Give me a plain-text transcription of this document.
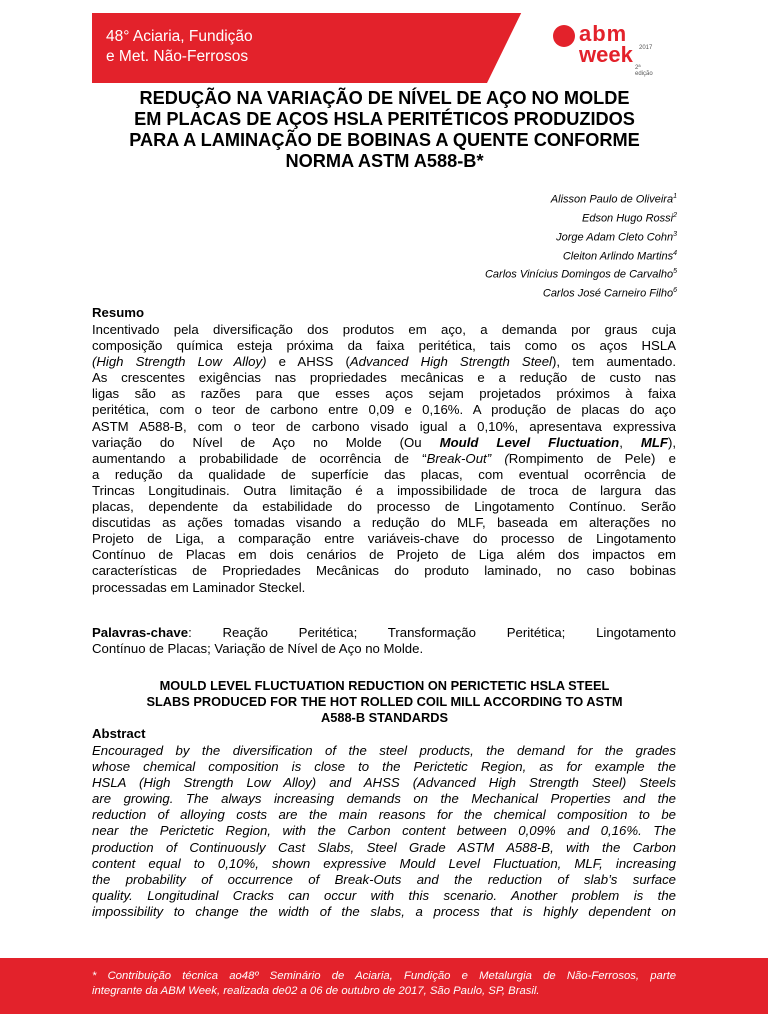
48° Aciaria, Fundição
e Met. Não-Ferrosos
abm
week 2017
2ª edição
REDUÇÃO NA VARIAÇÃO DE NÍVEL DE AÇO NO MOLDE
EM PLACAS DE AÇOS HSLA PERITÉTICOS PRODUZIDOS
PARA A LAMINAÇÃO DE BOBINAS A QUENTE CONFORME
NORMA ASTM A588-B*
Alisson Paulo de Oliveira$^1$
Edson Hugo Rossi$^2$
Jorge Adam Cleto Cohn$^3$
Cleiton Arlindo Martins$^4$
Carlos Vinícius Domingos de Carvalho$^5$
Carlos José Carneiro Filho$^6$
Resumo
Incentivado pela diversificação dos produtos em aço, a demanda por graus cuja
composição química esteja próxima da faixa peritética, tais como os aços HSLA
(High Strength Low Alloy) e AHSS (Advanced High Strength Steel), tem aumentado.
As crescentes exigências nas propriedades mecânicas e a redução de custo nas
ligas são as razões para que esses aços sejam projetados próximos à faixa
peritética, com o teor de carbono entre 0,09 e 0,16%. A produção de placas do aço
ASTM A588-B, com o teor de carbono visado igual a 0,10%, apresentava expressiva
variação do Nível de Aço no Molde (Ou Mould Level Fluctuation, MLF),
aumentando a probabilidade de ocorrência de “Break-Out” (Rompimento de Pele) e
a redução da qualidade de superfície das placas, com eventual ocorrência de
Trincas Longitudinais. Outra limitação é a impossibilidade de troca de largura das
placas, dependente da estabilidade do processo de Lingotamento Contínuo. Serão
discutidas as ações tomadas visando a redução do MLF, baseada em alterações no
Projeto de Liga, a comparação entre variáveis-chave do processo de Lingotamento
Contínuo de Placas em dois cenários de Projeto de Liga além dos impactos em
características de Propriedades Mecânicas do produto laminado, no caso bobinas
processadas em Laminador Steckel.
Palavras-chave: Reação Peritética; Transformação Peritética; Lingotamento
Contínuo de Placas; Variação de Nível de Aço no Molde.
MOULD LEVEL FLUCTUATION REDUCTION ON PERICTETIC HSLA STEEL
SLABS PRODUCED FOR THE HOT ROLLED COIL MILL ACCORDING TO ASTM
A588-B STANDARDS
Abstract
Encouraged by the diversification of the steel products, the demand for the grades
whose chemical composition is close to the Perictetic Region, as for example the
HSLA (High Strength Low Alloy) and AHSS (Advanced High Strength Steel) Steels
are growing. The always increasing demands on the Mechanical Properties and the
reduction of alloying costs are the main reasons for the chemical composition to be
near the Perictetic Region, with the Carbon content between 0,09% and 0,16%. The
production of Continuously Cast Slabs, Steel Grade ASTM A588-B, with the Carbon
content equal to 0,10%, shown expressive Mould Level Fluctuation, MLF, increasing
the probability of occurrence of Break-Outs and the reduction of slab’s surface
quality. Longitudinal Cracks can occur with this scenario. Another problem is the
impossibility to change the width of the slabs, a process that is highly dependent on
* Contribuição técnica ao48º Seminário de Aciaria, Fundição e Metalurgia de Não-Ferrosos, parte
integrante da ABM Week, realizada de02 a 06 de outubro de 2017, São Paulo, SP, Brasil.
